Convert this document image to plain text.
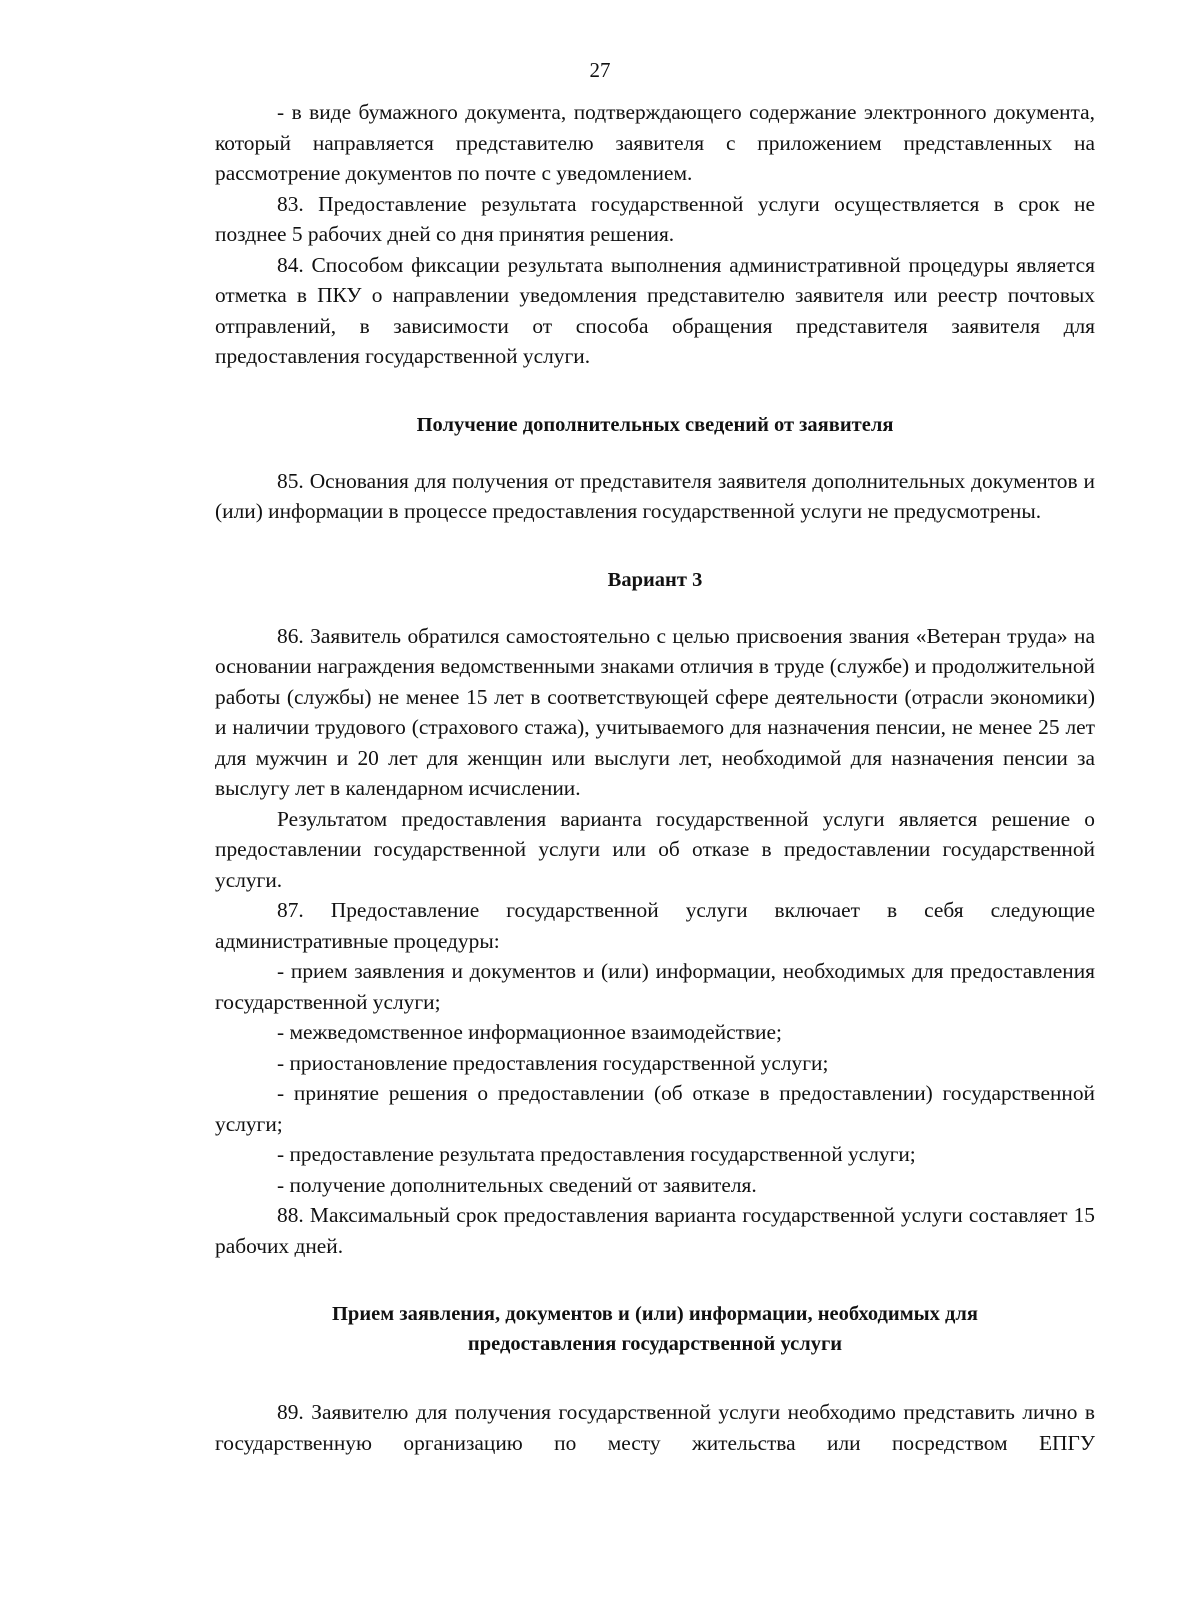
27

- в виде бумажного документа, подтверждающего содержание электронного документа, который направляется представителю заявителя с приложением представленных на рассмотрение документов по почте с уведомлением.

83. Предоставление результата государственной услуги осуществляется в срок не позднее 5 рабочих дней со дня принятия решения.

84. Способом фиксации результата выполнения административной процедуры является отметка в ПКУ о направлении уведомления представителю заявителя или реестр почтовых отправлений, в зависимости от способа обращения представителя заявителя для предоставления государственной услуги.

Получение дополнительных сведений от заявителя

85. Основания для получения от представителя заявителя дополнительных документов и (или) информации в процессе предоставления государственной услуги не предусмотрены.

Вариант 3

86. Заявитель обратился самостоятельно с целью присвоения звания «Ветеран труда» на основании награждения ведомственными знаками отличия в труде (службе) и продолжительной работы (службы) не менее 15 лет в соответствующей сфере деятельности (отрасли экономики) и наличии трудового (страхового стажа), учитываемого для назначения пенсии, не менее 25 лет для мужчин и 20 лет для женщин или выслуги лет, необходимой для назначения пенсии за выслугу лет в календарном исчислении.

Результатом предоставления варианта государственной услуги является решение о предоставлении государственной услуги или об отказе в предоставлении государственной услуги.

87. Предоставление государственной услуги включает в себя следующие административные процедуры:

- прием заявления и документов и (или) информации, необходимых для предоставления государственной услуги;

- межведомственное информационное взаимодействие;

- приостановление предоставления государственной услуги;

- принятие решения о предоставлении (об отказе в предоставлении) государственной услуги;

- предоставление результата предоставления государственной услуги;

- получение дополнительных сведений от заявителя.

88. Максимальный срок предоставления варианта государственной услуги составляет 15 рабочих дней.

Прием заявления, документов и (или) информации, необходимых для
предоставления государственной услуги

89. Заявителю для получения государственной услуги необходимо представить лично в государственную организацию по месту жительства или посредством ЕПГУ
